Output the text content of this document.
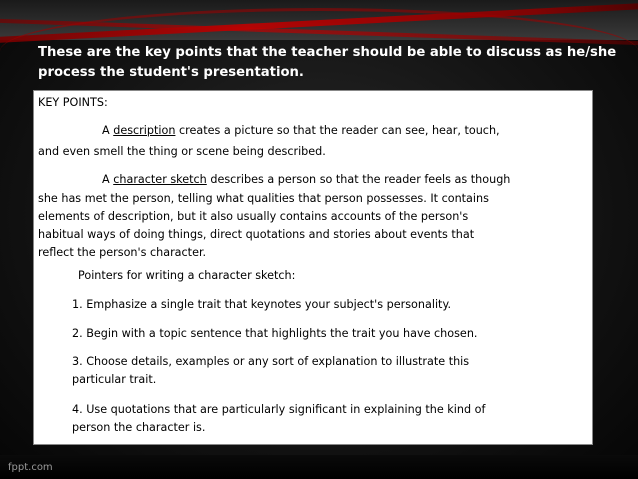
These are the key points that the teacher should be able to discuss as he/she process the student's presentation.

KEY POINTS:

A description creates a picture so that the reader can see, hear, touch,

and even smell the thing or scene being described.

A character sketch describes a person so that the reader feels as though

she has met the person, telling what qualities that person possesses. It contains

elements of description, but it also usually contains accounts of the person's

habitual ways of doing things, direct quotations and stories about events that

reflect the person's character.

Pointers for writing a character sketch:

1. Emphasize a single trait that keynotes your subject's personality.

2. Begin with a topic sentence that highlights the trait you have chosen.

3. Choose details, examples or any sort of explanation to illustrate this

particular trait.

4. Use quotations that are particularly significant in explaining the kind of

person the character is.

fppt.com
